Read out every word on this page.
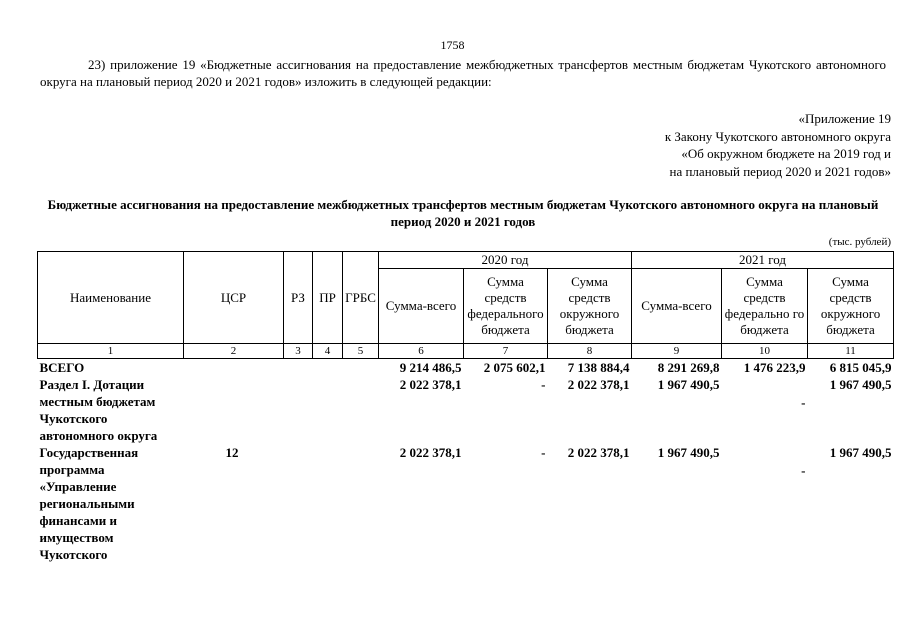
1758

23) приложение 19 «Бюджетные ассигнования на предоставление межбюджетных трансфертов местным бюджетам Чукотского автономного округа на плановый период 2020 и 2021 годов» изложить в следующей редакции:

«Приложение 19
к Закону Чукотского автономного округа
«Об окружном бюджете на 2019 год и
на плановый период 2020 и 2021 годов»
Бюджетные ассигнования на предоставление межбюджетных трансфертов местным бюджетам Чукотского автономного округа на плановый период 2020 и 2021 годов
(тыс. рублей)
Наименование	ЦСР	РЗ	ПР	ГРБС	2020 год			2021 год		
					Сумма-всего	Сумма средств федерального бюджета	Сумма средств окружного бюджета	Сумма-всего	Сумма средств федерально го бюджета	Сумма средств окружного бюджета
1	2	3	4	5	6	7	8	9	10	11
ВСЕГО					9 214 486,5	2 075 602,1	7 138 884,4	8 291 269,8	1 476 223,9	6 815 045,9
Раздел I. Дотации местным бюджетам Чукотского автономного округа					2 022 378,1	-	2 022 378,1	1 967 490,5	-	1 967 490,5
Государственная программа «Управление региональными финансами и имуществом Чукотского	12				2 022 378,1	-	2 022 378,1	1 967 490,5	-	1 967 490,5
